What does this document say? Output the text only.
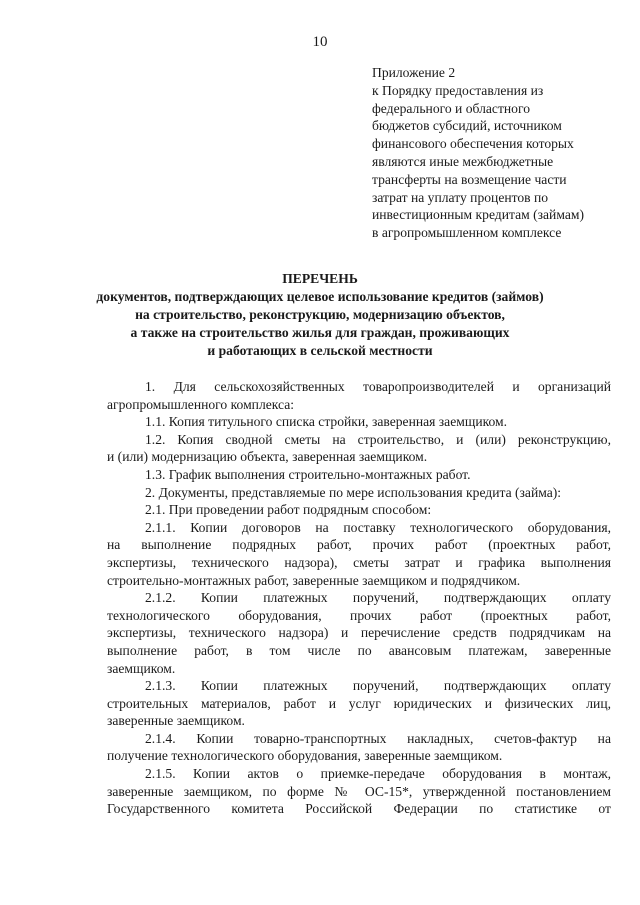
10
Приложение 2
к Порядку предоставления из
федерального и областного
бюджетов субсидий, источником
финансового обеспечения которых
являются иные межбюджетные
трансферты на возмещение части
затрат на уплату процентов по
инвестиционным кредитам (займам)
в агропромышленном комплексе
ПЕРЕЧЕНЬ
документов, подтверждающих целевое использование кредитов (займов)
на строительство, реконструкцию, модернизацию объектов,
а также на строительство жилья для граждан, проживающих
и работающих в сельской местности
1. Для сельскохозяйственных товаропроизводителей и организаций
агропромышленного комплекса:
1.1. Копия титульного списка стройки, заверенная заемщиком.
1.2. Копия сводной сметы на строительство, и (или) реконструкцию,
и (или) модернизацию объекта, заверенная заемщиком.
1.3. График выполнения строительно-монтажных работ.
2. Документы, представляемые по мере использования кредита (займа):
2.1. При проведении работ подрядным способом:
2.1.1. Копии договоров на поставку технологического оборудования,
на выполнение подрядных работ, прочих работ (проектных работ,
экспертизы, технического надзора), сметы затрат и графика выполнения
строительно-монтажных работ, заверенные заемщиком и подрядчиком.
2.1.2. Копии платежных поручений, подтверждающих оплату
технологического оборудования, прочих работ (проектных работ,
экспертизы, технического надзора) и перечисление средств подрядчикам на
выполнение работ, в том числе по авансовым платежам, заверенные
заемщиком.
2.1.3. Копии платежных поручений, подтверждающих оплату
строительных материалов, работ и услуг юридических и физических лиц,
заверенные заемщиком.
2.1.4. Копии товарно-транспортных накладных, счетов-фактур на
получение технологического оборудования, заверенные заемщиком.
2.1.5. Копии актов о приемке-передаче оборудования в монтаж,
заверенные заемщиком, по форме № ОС-15*, утвержденной постановлением
Государственного комитета Российской Федерации по статистике от
